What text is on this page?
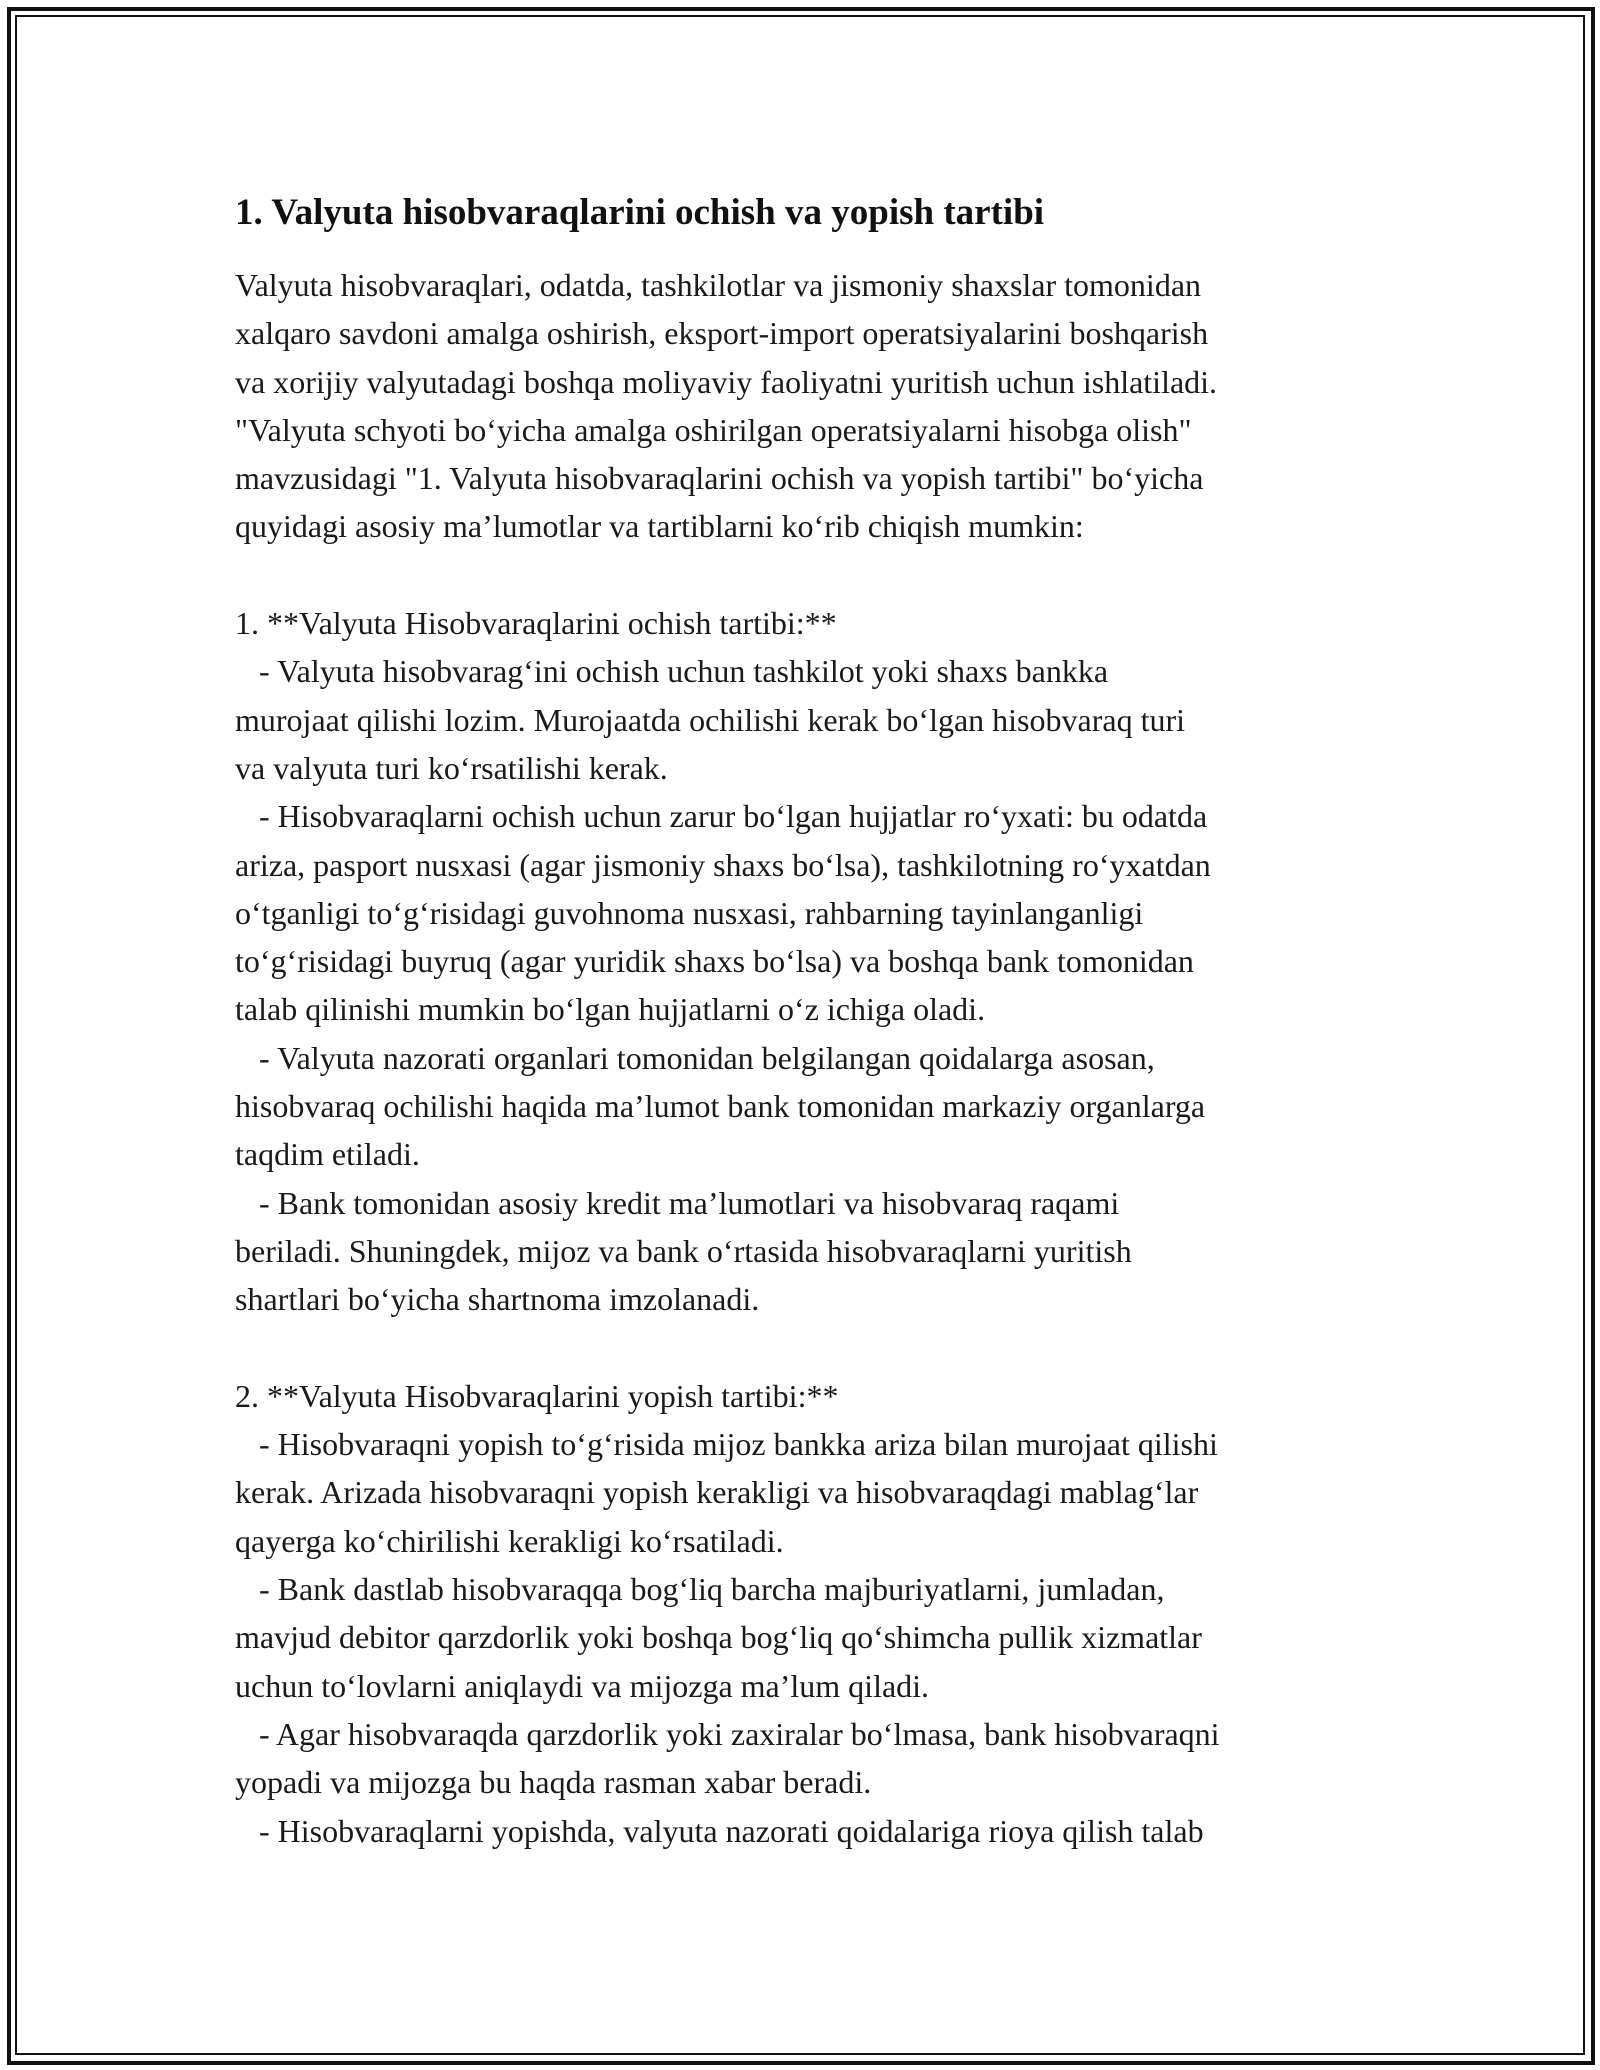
1. Valyuta hisobvaraqlarini ochish va yopish tartibi
Valyuta hisobvaraqlari, odatda, tashkilotlar va jismoniy shaxslar tomonidan
xalqaro savdoni amalga oshirish, eksport-import operatsiyalarini boshqarish
va xorijiy valyutadagi boshqa moliyaviy faoliyatni yuritish uchun ishlatiladi.
"Valyuta schyoti boʻyicha amalga oshirilgan operatsiyalarni hisobga olish"
mavzusidagi "1. Valyuta hisobvaraqlarini ochish va yopish tartibi" boʻyicha
quyidagi asosiy maʼlumotlar va tartiblarni koʻrib chiqish mumkin:
1. **Valyuta Hisobvaraqlarini ochish tartibi:**
- Valyuta hisobvaragʻini ochish uchun tashkilot yoki shaxs bankka
murojaat qilishi lozim. Murojaatda ochilishi kerak boʻlgan hisobvaraq turi
va valyuta turi koʻrsatilishi kerak.
- Hisobvaraqlarni ochish uchun zarur boʻlgan hujjatlar roʻyxati: bu odatda
ariza, pasport nusxasi (agar jismoniy shaxs boʻlsa), tashkilotning roʻyxatdan
oʻtganligi toʻgʻrisidagi guvohnoma nusxasi, rahbarning tayinlanganligi
toʻgʻrisidagi buyruq (agar yuridik shaxs boʻlsa) va boshqa bank tomonidan
talab qilinishi mumkin boʻlgan hujjatlarni oʻz ichiga oladi.
- Valyuta nazorati organlari tomonidan belgilangan qoidalarga asosan,
hisobvaraq ochilishi haqida maʼlumot bank tomonidan markaziy organlarga
taqdim etiladi.
- Bank tomonidan asosiy kredit maʼlumotlari va hisobvaraq raqami
beriladi. Shuningdek, mijoz va bank oʻrtasida hisobvaraqlarni yuritish
shartlari boʻyicha shartnoma imzolanadi.
2. **Valyuta Hisobvaraqlarini yopish tartibi:**
- Hisobvaraqni yopish toʻgʻrisida mijoz bankka ariza bilan murojaat qilishi
kerak. Arizada hisobvaraqni yopish kerakligi va hisobvaraqdagi mablagʻlar
qayerga koʻchirilishi kerakligi koʻrsatiladi.
- Bank dastlab hisobvaraqqa bogʻliq barcha majburiyatlarni, jumladan,
mavjud debitor qarzdorlik yoki boshqa bogʻliq qoʻshimcha pullik xizmatlar
uchun toʻlovlarni aniqlaydi va mijozga maʼlum qiladi.
- Agar hisobvaraqda qarzdorlik yoki zaxiralar boʻlmasa, bank hisobvaraqni
yopadi va mijozga bu haqda rasman xabar beradi.
- Hisobvaraqlarni yopishda, valyuta nazorati qoidalariga rioya qilish talab
